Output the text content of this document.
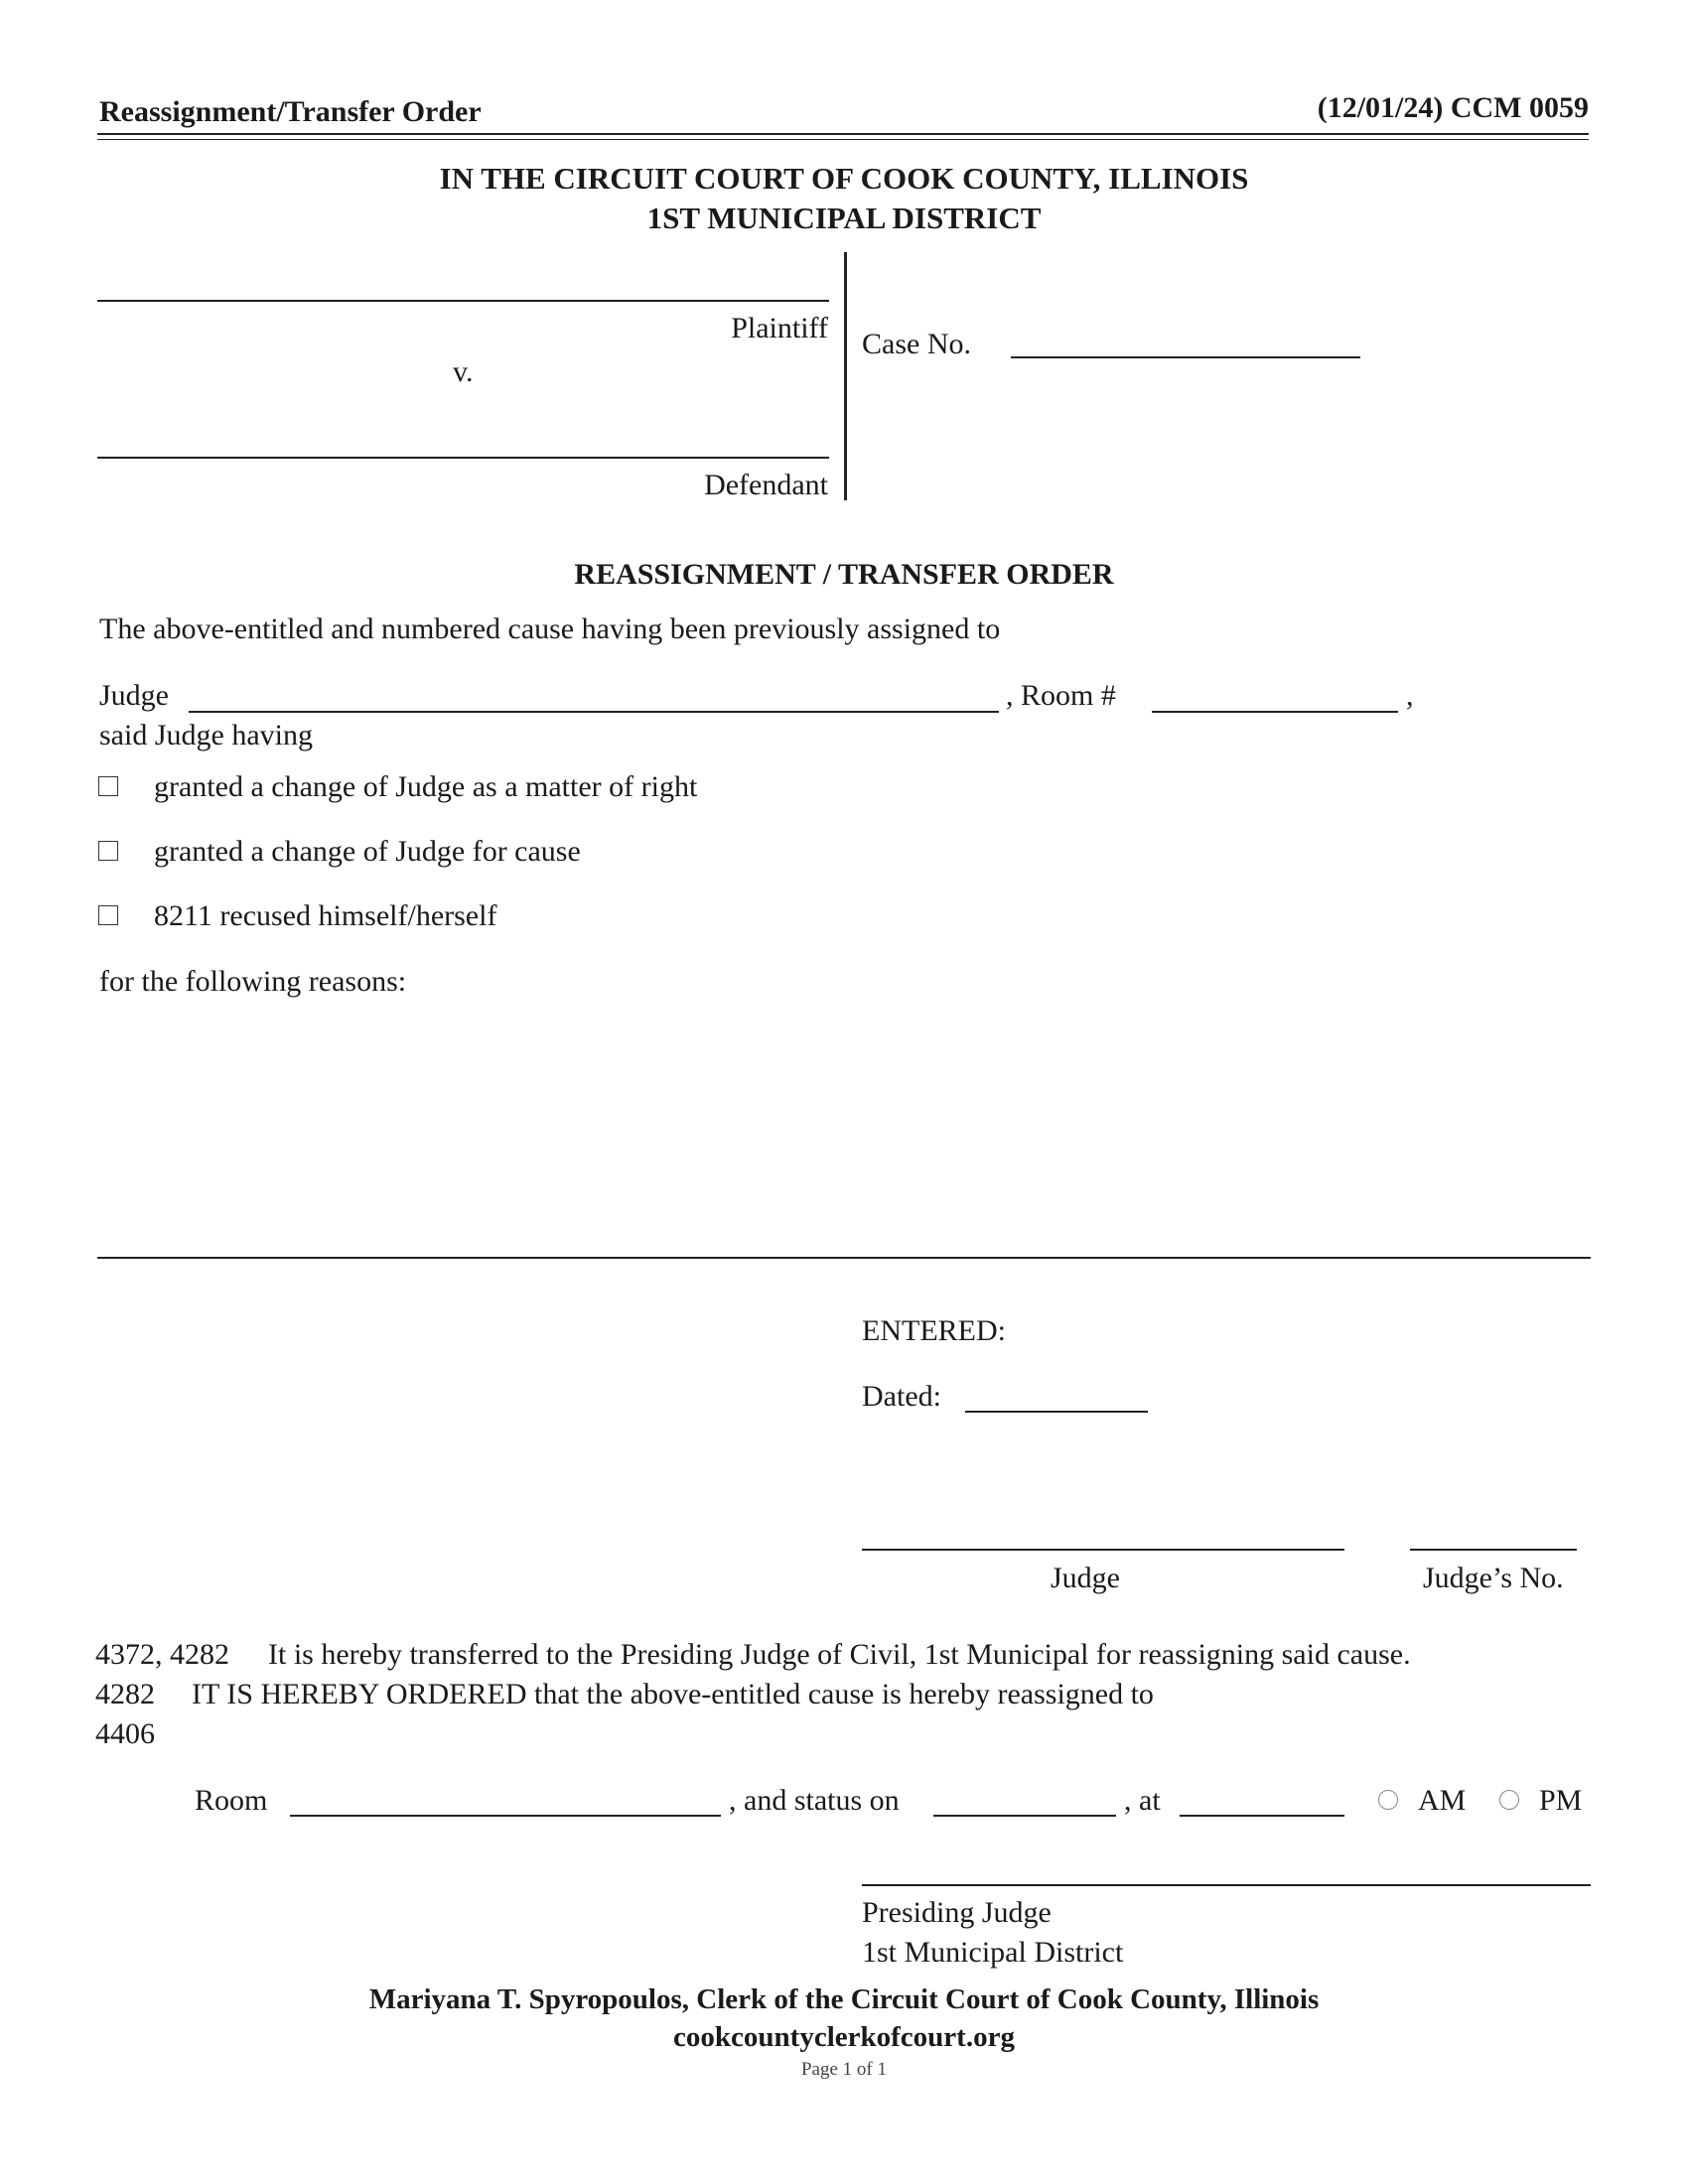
Reassignment/Transfer Order	(12/01/24) CCM 0059
IN THE CIRCUIT COURT OF COOK COUNTY, ILLINOIS
1ST MUNICIPAL DISTRICT
Plaintiff
v.
Defendant
Case No.
REASSIGNMENT / TRANSFER ORDER
The above-entitled and numbered cause having been previously assigned to
Judge	, Room #	,
said Judge having
granted a change of Judge as a matter of right
granted a change of Judge for cause
8211 recused himself/herself
for the following reasons:
ENTERED:
Dated:
Judge	Judge’s No.
4372, 4282 It is hereby transferred to the Presiding Judge of Civil, 1st Municipal for reassigning said cause.
4282 IT IS HEREBY ORDERED that the above-entitled cause is hereby reassigned to
4406
Room	, and status on	, at	AM PM
Presiding Judge
1st Municipal District
Mariyana T. Spyropoulos, Clerk of the Circuit Court of Cook County, Illinois
cookcountyclerkofcourt.org
Page 1 of 1
